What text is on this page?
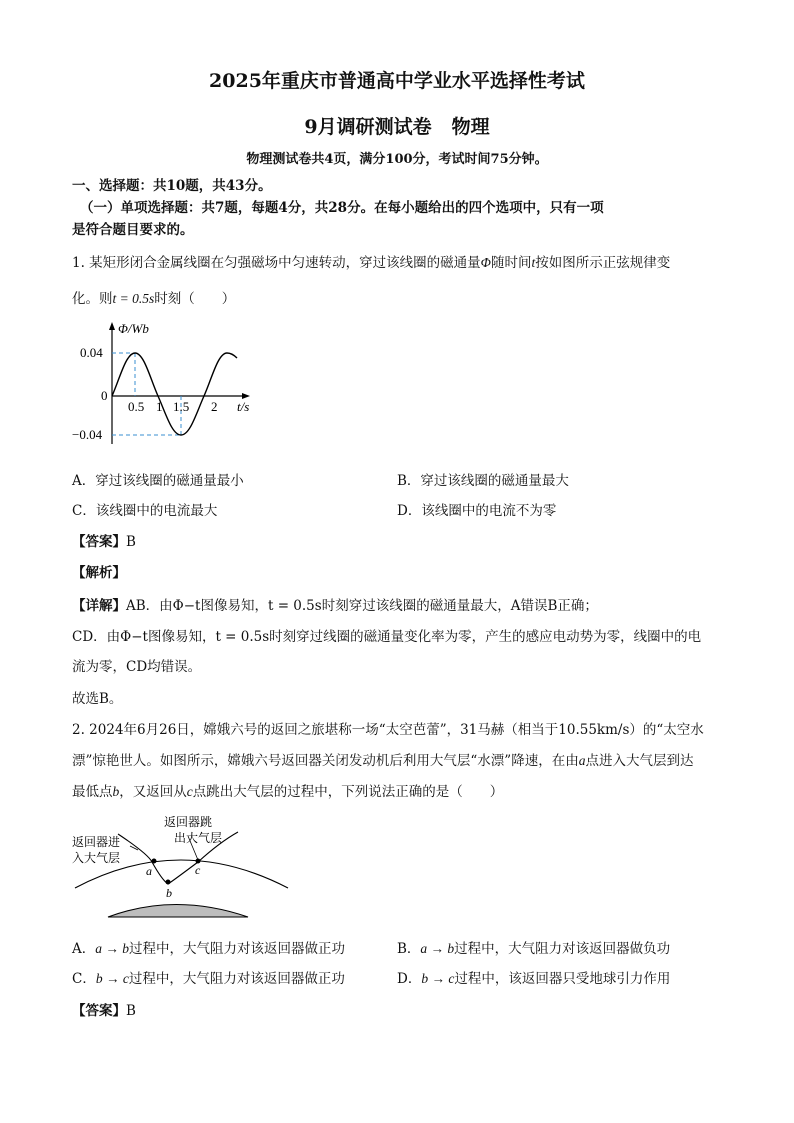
2025年重庆市普通高中学业水平选择性考试
9月调研测试卷 物理
物理测试卷共4页，满分100分，考试时间75分钟。
一、选择题：共10题，共43分。
（一）单项选择题：共7题，每题4分，共28分。在每小题给出的四个选项中，只有一项
是符合题目要求的。
1. 某矩形闭合金属线圈在匀强磁场中匀速转动，穿过该线圈的磁通量Φ随时间t按如图所示正弦规律变
化。则t = 0.5s时刻（　　）
Φ/Wb
0.04
0
−0.04
0.5 1 1.5 2 t/s
A．穿过该线圈的磁通量最小	B．穿过该线圈的磁通量最大
C．该线圈中的电流最大	D．该线圈中的电流不为零
【答案】B
【解析】
【详解】AB．由Φ−t图像易知，t = 0.5s时刻穿过该线圈的磁通量最大，A错误B正确；
CD．由Φ−t图像易知，t = 0.5s时刻穿过线圈的磁通量变化率为零，产生的感应电动势为零，线圈中的电
流为零，CD均错误。
故选B。
2. 2024年6月26日，嫦娥六号的返回之旅堪称一场“太空芭蕾”，31马赫（相当于10.55km/s）的“太空水
漂”惊艳世人。如图所示，嫦娥六号返回器关闭发动机后利用大气层“水漂”降速，在由a点进入大气层到达
最低点b，又返回从c点跳出大气层的过程中，下列说法正确的是（　　）
返回器进
入大气层
返回器跳
出大气层
a
b
c
A．a → b过程中，大气阻力对该返回器做正功	B．a → b过程中，大气阻力对该返回器做负功
C．b → c过程中，大气阻力对该返回器做正功	D．b → c过程中，该返回器只受地球引力作用
【答案】B
